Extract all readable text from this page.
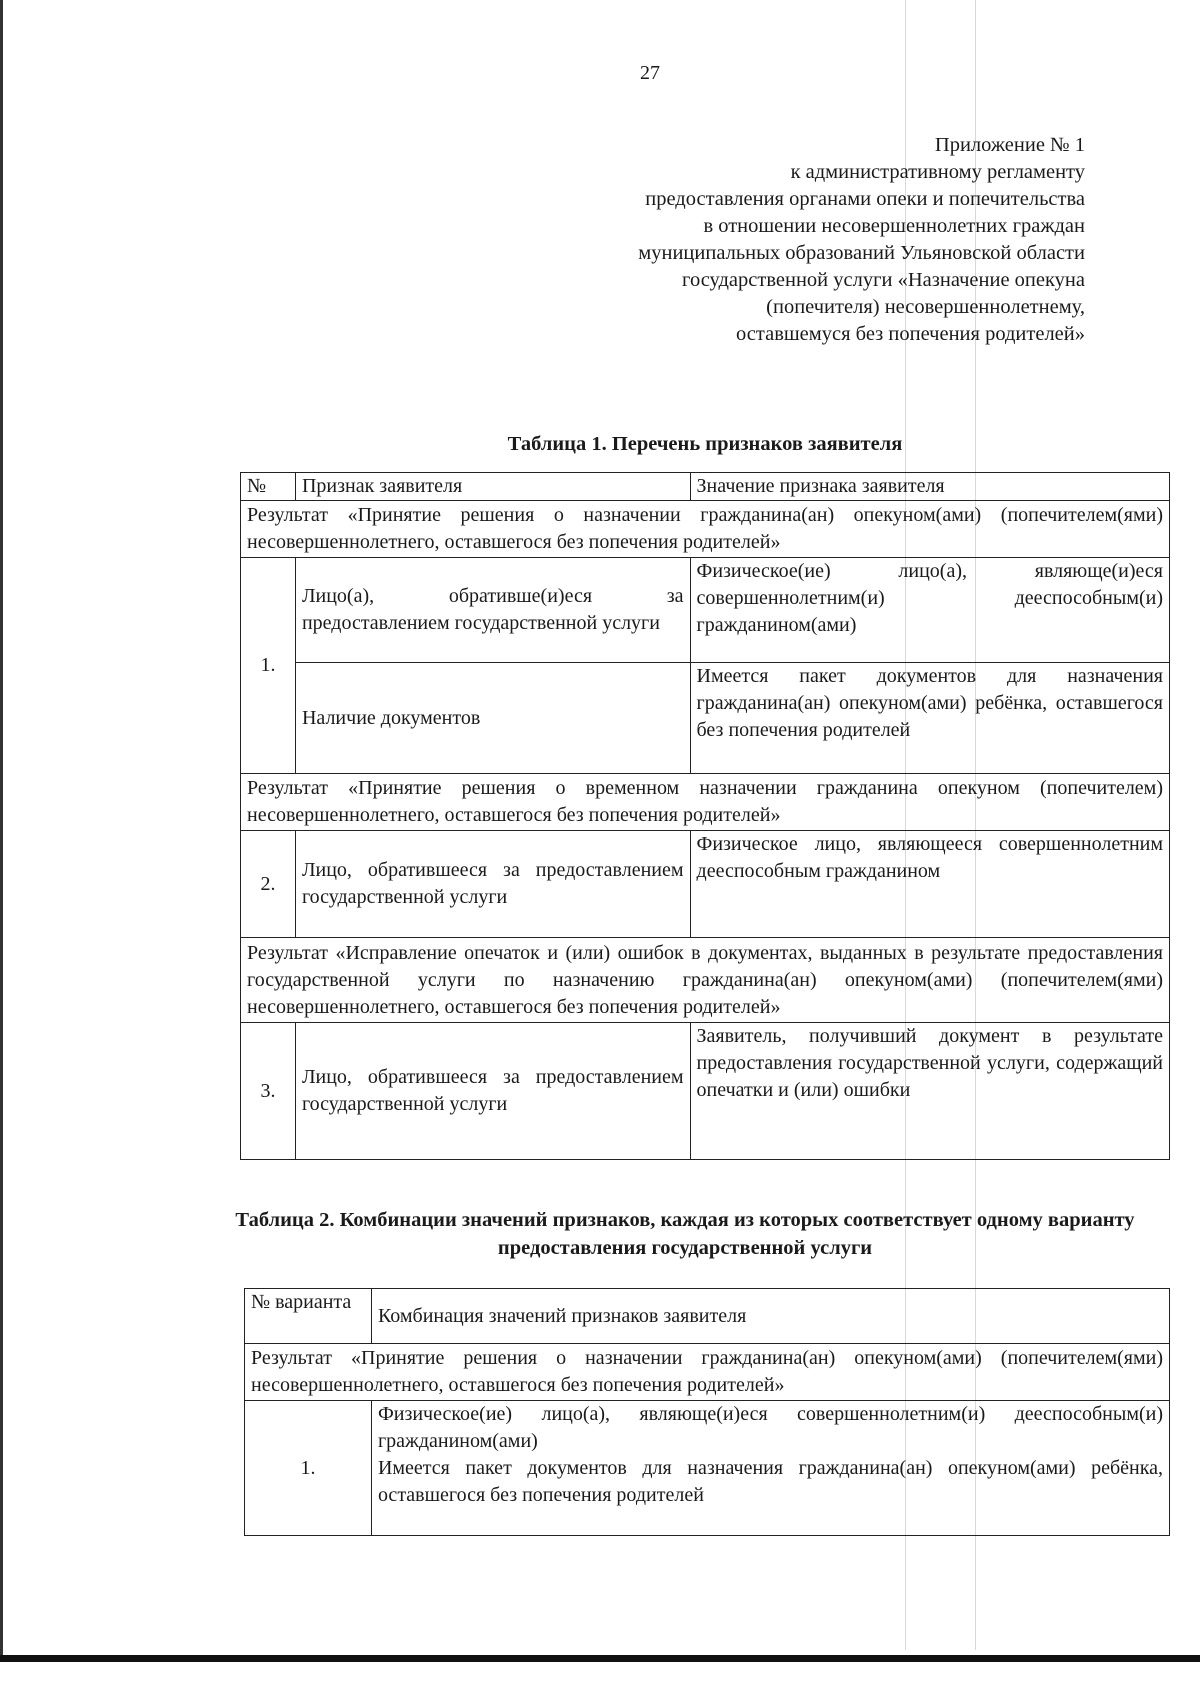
27
Приложение № 1
к административному регламенту
предоставления органами опеки и попечительства
в отношении несовершеннолетних граждан
муниципальных образований Ульяновской области
государственной услуги «Назначение опекуна
(попечителя) несовершеннолетнему,
оставшемуся без попечения родителей»
Таблица 1. Перечень признаков заявителя
№	Признак заявителя	Значение признака заявителя
Результат «Принятие решения о назначении гражданина(ан) опекуном(ами) (попечителем(ями) несовершеннолетнего, оставшегося без попечения родителей»		
1.	Лицо(а), обративше(и)еся за предоставлением государственной услуги	Физическое(ие) лицо(а), являюще(и)еся совершеннолетним(и) дееспособным(и) гражданином(ами)
	Наличие документов	Имеется пакет документов для назначения гражданина(ан) опекуном(ами) ребёнка, оставшегося без попечения родителей
Результат «Принятие решения о временном назначении гражданина опекуном (попечителем) несовершеннолетнего, оставшегося без попечения родителей»		
2.	Лицо, обратившееся за предоставлением государственной услуги	Физическое лицо, являющееся совершеннолетним дееспособным гражданином
Результат «Исправление опечаток и (или) ошибок в документах, выданных в результате предоставления государственной услуги по назначению гражданина(ан) опекуном(ами) (попечителем(ями) несовершеннолетнего, оставшегося без попечения родителей»		
3.	Лицо, обратившееся за предоставлением государственной услуги	Заявитель, получивший документ в результате предоставления государственной услуги, содержащий опечатки и (или) ошибки
Таблица 2. Комбинации значений признаков, каждая из которых соответствует одному варианту предоставления государственной услуги
№ варианта	Комбинация значений признаков заявителя
Результат «Принятие решения о назначении гражданина(ан) опекуном(ами) (попечителем(ями) несовершеннолетнего, оставшегося без попечения родителей»	
1.	Физическое(ие) лицо(а), являюще(и)еся совершеннолетним(и) дееспособным(и) гражданином(ами)
Имеется пакет документов для назначения гражданина(ан) опекуном(ами) ребёнка, оставшегося без попечения родителей
